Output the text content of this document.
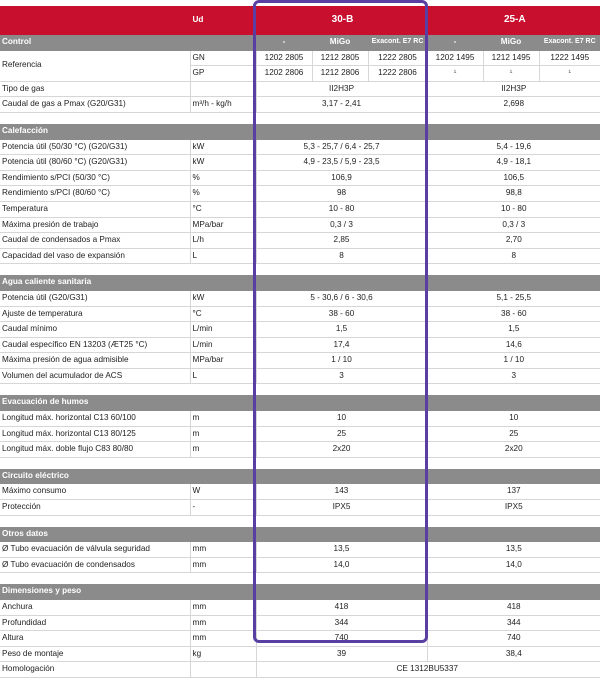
	Ud	30-B			25-A		
Control		-	MiGo	Exacont. E7 RC	-	MiGo	Exacont. E7 RC
Referencia	GN	1202 2805	1212 2805	1222 2805	1202 1495	1212 1495	1222 1495
	GP	1202 2806	1212 2806	1222 2806	¹	¹	¹
Tipo de gas		II2H3P			II2H3P		
Caudal de gas a Pmax (G20/G31)	m³/h - kg/h	3,17 - 2,41			2,698		

Calefacción							
Potencia útil (50/30 °C) (G20/G31)	kW	5,3 - 25,7 / 6,4 - 25,7			5,4 - 19,6		
Potencia útil (80/60 °C) (G20/G31)	kW	4,9 - 23,5 / 5,9 - 23,5			4,9 - 18,1		
Rendimiento s/PCI (50/30 °C)	%	106,9			106,5		
Rendimiento s/PCI (80/60 °C)	%	98			98,8		
Temperatura	°C	10 - 80			10 - 80		
Máxima presión de trabajo	MPa/bar	0,3 / 3			0,3 / 3		
Caudal de condensados a Pmax	L/h	2,85			2,70		
Capacidad del vaso de expansión	L	8			8		

Agua caliente sanitaria							
Potencia útil (G20/G31)	kW	5 - 30,6 / 6 - 30,6			5,1 - 25,5		
Ajuste de temperatura	°C	38 - 60			38 - 60		
Caudal mínimo	L/min	1,5			1,5		
Caudal específico EN 13203 (ÆT25 °C)	L/min	17,4			14,6		
Máxima presión de agua admisible	MPa/bar	1 / 10			1 / 10		
Volumen del acumulador de ACS	L	3			3		

Evacuación de humos							
Longitud máx. horizontal C13 60/100	m	10			10		
Longitud máx. horizontal C13 80/125	m	25			25		
Longitud máx. doble flujo C83 80/80	m	2x20			2x20		

Circuito eléctrico							
Máximo consumo	W	143			137		
Protección	-	IPX5			IPX5		

Otros datos							
Ø Tubo evacuación de válvula seguridad	mm	13,5			13,5		
Ø Tubo evacuación de condensados	mm	14,0			14,0		

Dimensiones y peso							
Anchura	mm	418			418		
Profundidad	mm	344			344		
Altura	mm	740			740		
Peso de montaje	kg	39			38,4		
Homologación		CE 1312BU5337					
